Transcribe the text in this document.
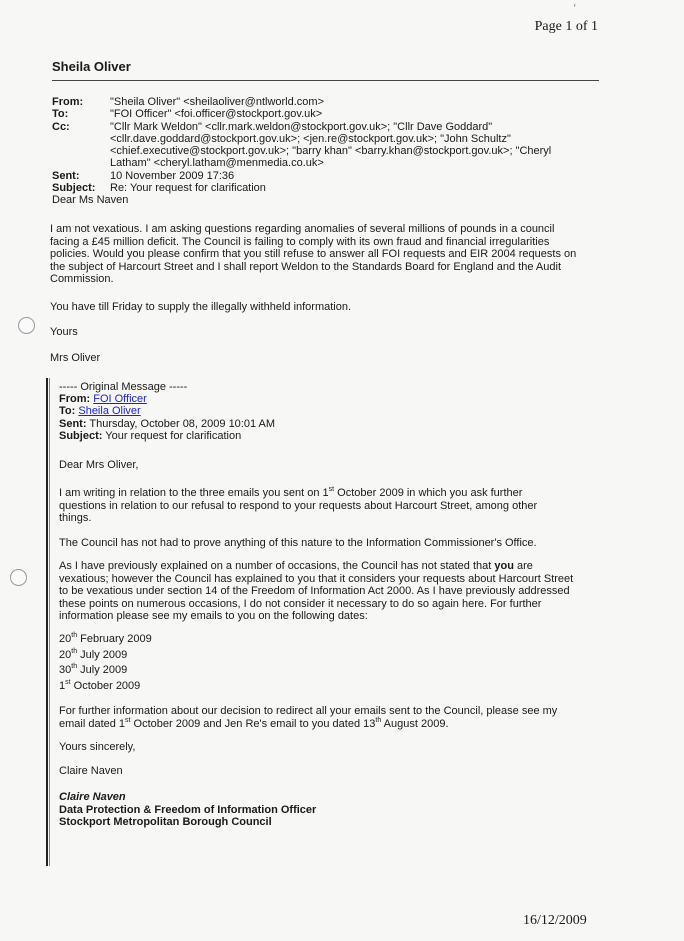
'
Page 1 of 1
Sheila Oliver
From: "Sheila Oliver" <sheilaoliver@ntlworld.com>
To:	"FOI Officer" <foi.officer@stockport.gov.uk>
Cc:	"Cllr Mark Weldon" <cllr.mark.weldon@stockport.gov.uk>; "Cllr Dave Goddard" <cllr.dave.goddard@stockport.gov.uk>; <jen.re@stockport.gov.uk>; "John Schultz" <chief.executive@stockport.gov.uk>; "barry khan" <barry.khan@stockport.gov.uk>; "Cheryl Latham" <cheryl.latham@menmedia.co.uk>
Sent:	10 November 2009 17:36
Subject: Re: Your request for clarification
Dear Ms Naven
I am not vexatious. I am asking questions regarding anomalies of several millions of pounds in a council facing a £45 million deficit. The Council is failing to comply with its own fraud and financial irregularities policies. Would you please confirm that you still refuse to answer all FOI requests and EIR 2004 requests on the subject of Harcourt Street and I shall report Weldon to the Standards Board for England and the Audit Commission.
You have till Friday to supply the illegally withheld information.
Yours
Mrs Oliver
----- Original Message -----
From: FOI Officer
To: Sheila Oliver
Sent: Thursday, October 08, 2009 10:01 AM
Subject: Your request for clarification
Dear Mrs Oliver,
I am writing in relation to the three emails you sent on 1st October 2009 in which you ask further questions in relation to our refusal to respond to your requests about Harcourt Street, among other things.
The Council has not had to prove anything of this nature to the Information Commissioner's Office.
As I have previously explained on a number of occasions, the Council has not stated that you are vexatious; however the Council has explained to you that it considers your requests about Harcourt Street to be vexatious under section 14 of the Freedom of Information Act 2000. As I have previously addressed these points on numerous occasions, I do not consider it necessary to do so again here. For further information please see my emails to you on the following dates:
20th February 2009
20th July 2009
30th July 2009
1st October 2009
For further information about our decision to redirect all your emails sent to the Council, please see my email dated 1st October 2009 and Jen Re's email to you dated 13th August 2009.
Yours sincerely,
Claire Naven
Claire Naven
Data Protection & Freedom of Information Officer
Stockport Metropolitan Borough Council
16/12/2009
